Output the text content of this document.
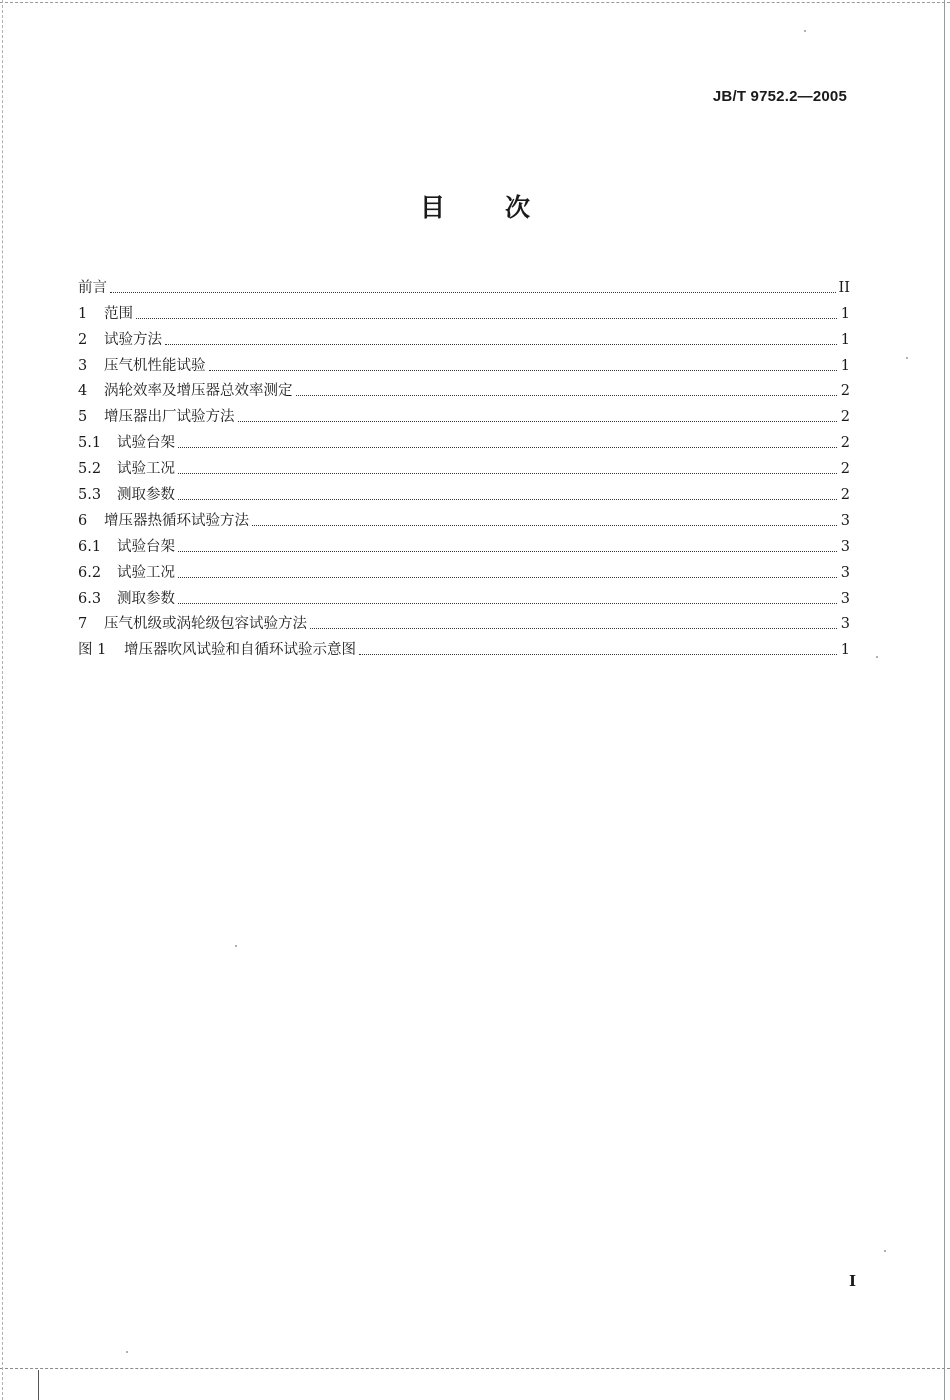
JB/T 9752.2—2005
目 次
前言	II
1	范围	1
2	试验方法	1
3	压气机性能试验	1
4	涡轮效率及增压器总效率测定	2
5	增压器出厂试验方法	2
5.1	试验台架	2
5.2	试验工况	2
5.3	测取参数	2
6	增压器热循环试验方法	3
6.1	试验台架	3
6.2	试验工况	3
6.3	测取参数	3
7	压气机级或涡轮级包容试验方法	3
图 1	增压器吹风试验和自循环试验示意图	1
I
